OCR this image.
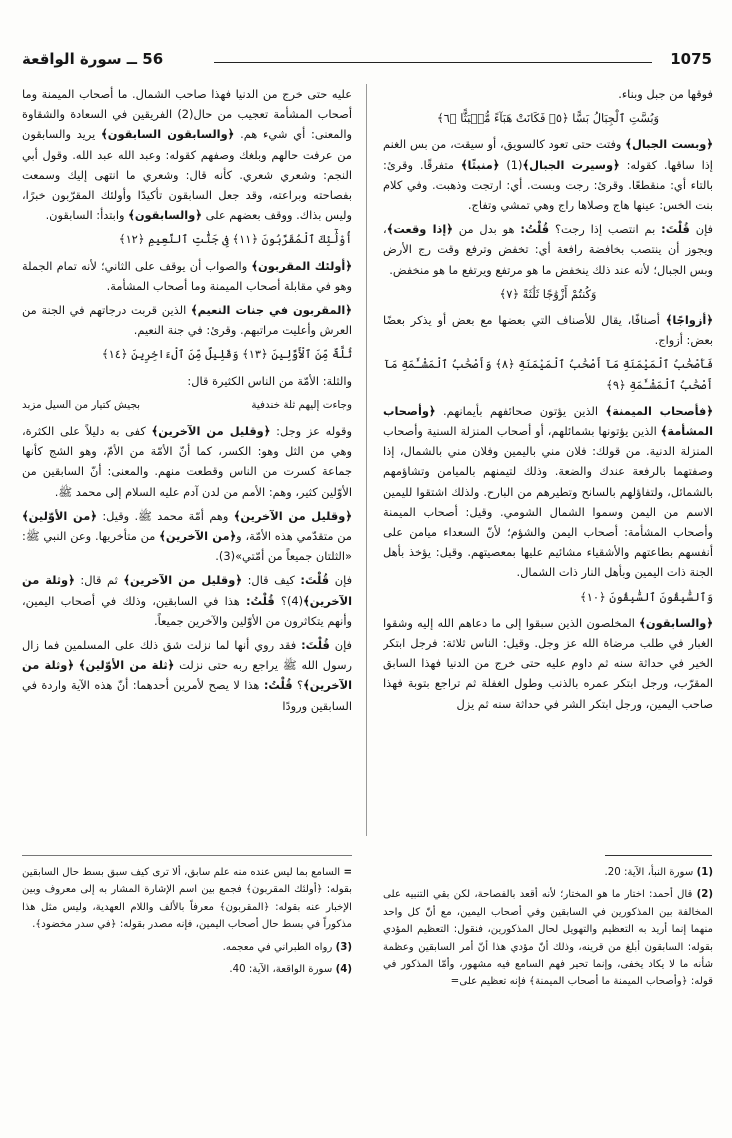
56 ــ سورة الواقعة	1075

فوقها من جبل وبناء.

وَبُسَّتِ ٱلْجِبَالُ بَسًّا ﴿٥﴾ فَكَانَتْ هَبَآءً مُّنۢبَثًّا ﴿٦﴾

﴿وبست الجبال﴾ وفتت حتى تعود كالسويق، أو سيقت، من بس الغنم إذا ساقها. كقوله: ﴿وسيرت الجبال﴾(1) ﴿منبثًا﴾ متفرقًا. وقرئ: بالتاء أي: منقطعًا. وقرئ: رجت وبست. أي: ارتجت وذهبت. وفي كلام بنت الخس: عينها هاج وصلاها راج وهي تمشي وتفاج.

فإن قُلْتَ: بم انتصب إذا رجت؟ قُلْتُ: هو بدل من ﴿إذا وقعت﴾، ويجوز أن ينتصب بخافضة رافعة أي: تخفض وترفع وقت رج الأرض وبس الجبال؛ لأنه عند ذلك ينخفض ما هو مرتفع ويرتفع ما هو منخفض.

وَكُنتُمْ أَزْوَٰجًا ثَلَٰثَةً ﴿٧﴾

﴿أزواجًا﴾ أصنافًا، يقال للأصناف التي بعضها مع بعض أو يذكر بعضًا بعض: أزواج.

فَأَصْحَٰبُ ٱلْمَيْمَنَةِ مَآ أَصْحَٰبُ ٱلْمَيْمَنَةِ ﴿٨﴾ وَأَصْحَٰبُ ٱلْمَشْـَٔمَةِ مَآ أَصْحَٰبُ ٱلْمَشْـَٔمَةِ ﴿٩﴾

﴿فأصحاب الميمنة﴾ الذين يؤتون صحائفهم بأيمانهم. ﴿وأصحاب المشأمة﴾ الذين يؤتونها بشمائلهم، أو أصحاب المنزلة السنية وأصحاب المنزلة الدنية. من قولك: فلان مني باليمين وفلان مني بالشمال، إذا وصفتهما بالرفعة عندك والضعة. وذلك لتيمنهم بالميامن وتشاؤمهم بالشمائل، ولتفاؤلهم بالسانح وتطيرهم من البارح. ولذلك اشتقوا لليمين الاسم من اليمن وسموا الشمال الشومي. وقيل: أصحاب الميمنة وأصحاب المشأمة: أصحاب اليمن والشؤم؛ لأنّ السعداء ميامن على أنفسهم بطاعتهم والأشقياء مشائيم عليها بمعصيتهم. وقيل: يؤخذ بأهل الجنة ذات اليمين وبأهل النار ذات الشمال.

وَٱلسَّٰبِقُونَ ٱلسَّٰبِقُونَ ﴿١٠﴾

﴿والسابقون﴾ المخلصون الذين سبقوا إلى ما دعاهم الله إليه وشقوا الغبار في طلب مرضاة الله عز وجل. وقيل: الناس ثلاثة: فرجل ابتكر الخير في حداثة سنه ثم داوم عليه حتى خرج من الدنيا فهذا السابق المقرّب، ورجل ابتكر عمره بالذنب وطول الغفلة ثم تراجع بتوبة فهذا صاحب اليمين، ورجل ابتكر الشر في حداثة سنه ثم يزل

عليه حتى خرج من الدنيا فهذا صاحب الشمال. ما أصحاب الميمنة وما أصحاب المشأمة تعجيب من حال(2) الفريقين في السعادة والشقاوة والمعنى: أي شيء هم. ﴿والسابقون السابقون﴾ يريد والسابقون من عرفت حالهم وبلغك وصفهم كقوله: وعبد الله عبد الله. وقول أبي النجم: وشعري شعري. كأنه قال: وشعري ما انتهى إليك وسمعت بفصاحته وبراعته، وقد جعل السابقون تأكيدًا وأولئك المقرّبون خبرًا، وليس بذاك. ووقف بعضهم على ﴿والسابقون﴾ وابتدأ: السابقون.

أُوْلَٰٓئِكَ ٱلْمُقَرَّبُونَ ﴿١١﴾ فِى جَنَّٰتِ ٱلنَّعِيمِ ﴿١٢﴾

﴿أولئك المقربون﴾ والصواب أن يوقف على الثاني؛ لأنه تمام الجملة وهو في مقابلة أصحاب الميمنة وما أصحاب المشأمة.

﴿المقربون في جنات النعيم﴾ الذين قربت درجاتهم في الجنة من العرش وأعليت مراتبهم. وقرئ: في جنة النعيم.

ثُلَّةٌ مِّنَ ٱلْأَوَّلِينَ ﴿١٣﴾ وَقَلِيلٌ مِّنَ ٱلْءَاخِرِينَ ﴿١٤﴾

والثلة: الأمّة من الناس الكثيرة قال:

وجاءت إليهم ثلة خندفية
بجيش كتيار من السيل مزبد

وقوله عز وجل: ﴿وقليل من الآخرين﴾ كفى به دليلاً على الكثرة، وهي من الثل وهو: الكسر، كما أنّ الأمّة من الأمّ، وهو الشج كأنها جماعة كسرت من الناس وقطعت منهم. والمعنى: أنّ السابقين من الأوّلين كثير، وهم: الأمم من لدن آدم عليه السلام إلى محمد ﷺ.

﴿وقليل من الآخرين﴾ وهم أمّة محمد ﷺ. وقيل: ﴿من الأوّلين﴾ من متقدّمي هذه الأمّة، و﴿من الآخرين﴾ من متأخريها. وعن النبي ﷺ: «الثلتان جميعاً من أمّتي»(3).

فإن قُلْتَ: كيف قال: ﴿وقليل من الآخرين﴾ ثم قال: ﴿وثلة من الآخرين﴾(4)؟ قُلْتُ: هذا في السابقين، وذلك في أصحاب اليمين، وأنهم يتكاثرون من الأوّلين والآخرين جميعاً.

فإن قُلْتَ: فقد روي أنها لما نزلت شق ذلك على المسلمين فما زال رسول الله ﷺ يراجع ربه حتى نزلت ﴿ثلة من الأوّلين﴾ ﴿وثلة من الآخرين﴾؟ قُلْتُ: هذا لا يصح لأمرين أحدهما: أنّ هذه الآية واردة في السابقين ورودًا

(1) سورة النبأ، الآية: 20.

(2) قال أحمد: اختار ما هو المختار؛ لأنه أقعد بالفصاحة، لكن بقي التنبيه على المخالفة بين المذكورين في السابقين وفي أصحاب اليمين، مع أنّ كل واحد منهما إنما أريد به التعظيم والتهويل لحال المذكورين، فنقول: التعظيم المؤدي بقوله: السابقون أبلغ من قرينه، وذلك أنّ مؤدي هذا أنّ أمر السابقين وعظمة شأنه ما لا يكاد يخفى، وإنما تحير فهم السامع فيه مشهور، وأمّا المذكور في قوله: ﴿وأصحاب الميمنة ما أصحاب الميمنة﴾ فإنه تعظيم على=

= السامع بما ليس عنده منه علم سابق، ألا ترى كيف سبق بسط حال السابقين بقوله: ﴿أولئك المقربون﴾ فجمع بين اسم الإشارة المشار به إلى معروف وبين الإخبار عنه بقوله: ﴿المقربون﴾ معرفاً بالألف واللام العهدية، وليس مثل هذا مذكوراً في بسط حال أصحاب اليمين، فإنه مصدر بقوله: ﴿في سدر مخضود﴾.

(3) رواه الطبراني في معجمه.

(4) سورة الواقعة، الآية: 40.
